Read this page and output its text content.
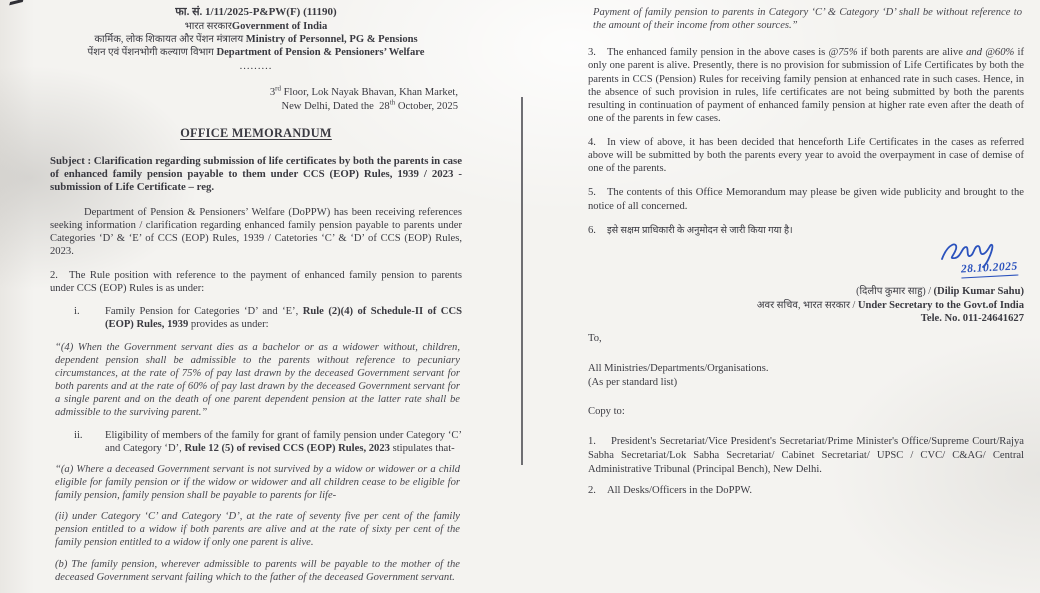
फा. सं. 1/11/2025-P&PW(F) (11190)

भारत सरकारGovernment of India

कार्मिक, लोक शिकायत और पेंशन मंत्रालय Ministry of Personnel, PG & Pensions

पेंशन एवं पेंशनभोगी कल्याण विभाग Department of Pension & Pensioners’ Welfare

.........

3rd Floor, Lok Nayak Bhavan, Khan Market,
New Delhi, Dated the  28th October, 2025

OFFICE MEMORANDUM

Subject : Clarification regarding submission of life certificates by both the parents in case of enhanced family pension payable to them under CCS (EOP) Rules, 1939 / 2023 - submission of Life Certificate – reg.

Department of Pension & Pensioners’ Welfare (DoPPW) has been receiving references seeking information / clarification regarding enhanced family pension payable to parents under Categories ‘D’ & ‘E’ of CCS (EOP) Rules, 1939 / Catetories ‘C’ & ‘D’ of CCS (EOP) Rules, 2023.

2. The Rule position with reference to the payment of enhanced family pension to parents under CCS (EOP) Rules is as under:

i. Family Pension for Categories ‘D’ and ‘E’, Rule (2)(4) of Schedule-II of CCS (EOP) Rules, 1939 provides as under:

“(4) When the Government servant dies as a bachelor or as a widower without, children, dependent pension shall be admissible to the parents without reference to pecuniary circumstances, at the rate of 75% of pay last drawn by the deceased Government servant for both parents and at the rate of 60% of pay last drawn by the deceased Government servant for a single parent and on the death of one parent dependent pension at the latter rate shall be admissible to the surviving parent.”

ii. Eligibility of members of the family for grant of family pension under Category ‘C’ and Category ‘D’, Rule 12 (5) of revised CCS (EOP) Rules, 2023 stipulates that-

“(a) Where a deceased Government servant is not survived by a widow or widower or a child eligible for family pension or if the widow or widower and all children cease to be eligible for family pension, family pension shall be payable to parents for life-

(ii) under Category ‘C’ and Category ‘D’, at the rate of seventy five per cent of the family pension entitled to a widow if both parents are alive and at the rate of sixty per cent of the family pension entitled to a widow if only one parent is alive.

(b) The family pension, wherever admissible to parents will be payable to the mother of the deceased Government servant failing which to the father of the deceased Government servant.

Payment of family pension to parents in Category ‘C’ & Category ‘D’ shall be without reference to the amount of their income from other sources.”

3. The enhanced family pension in the above cases is @75% if both parents are alive and @60% if only one parent is alive. Presently, there is no provision for submission of Life Certificates by both the parents in CCS (Pension) Rules for receiving family pension at enhanced rate in such cases. Hence, in the absence of such provision in rules, life certificates are not being submitted by both the parents resulting in continuation of payment of enhanced family pension at higher rate even after the death of one of the parents in few cases.

4. In view of above, it has been decided that henceforth Life Certificates in the cases as referred above will be submitted by both the parents every year to avoid the overpayment in case of demise of one of the parents.

5. The contents of this Office Memorandum may please be given wide publicity and brought to the notice of all concerned.

6. इसे सक्षम प्राधिकारी के अनुमोदन से जारी किया गया है।

28.10.2025
(दिलीप कुमार साहु) / (Dilip Kumar Sahu)
अवर सचिव, भारत सरकार / Under Secretary to the Govt.of India
Tele. No. 011-24641627

To,

All Ministries/Departments/Organisations.

(As per standard list)

Copy to:

1. President's Secretariat/Vice President's Secretariat/Prime Minister's Office/Supreme Court/Rajya Sabha Secretariat/Lok Sabha Secretariat/ Cabinet Secretariat/ UPSC / CVC/ C&AG/ Central Administrative Tribunal (Principal Bench), New Delhi.

2. All Desks/Officers in the DoPPW.
